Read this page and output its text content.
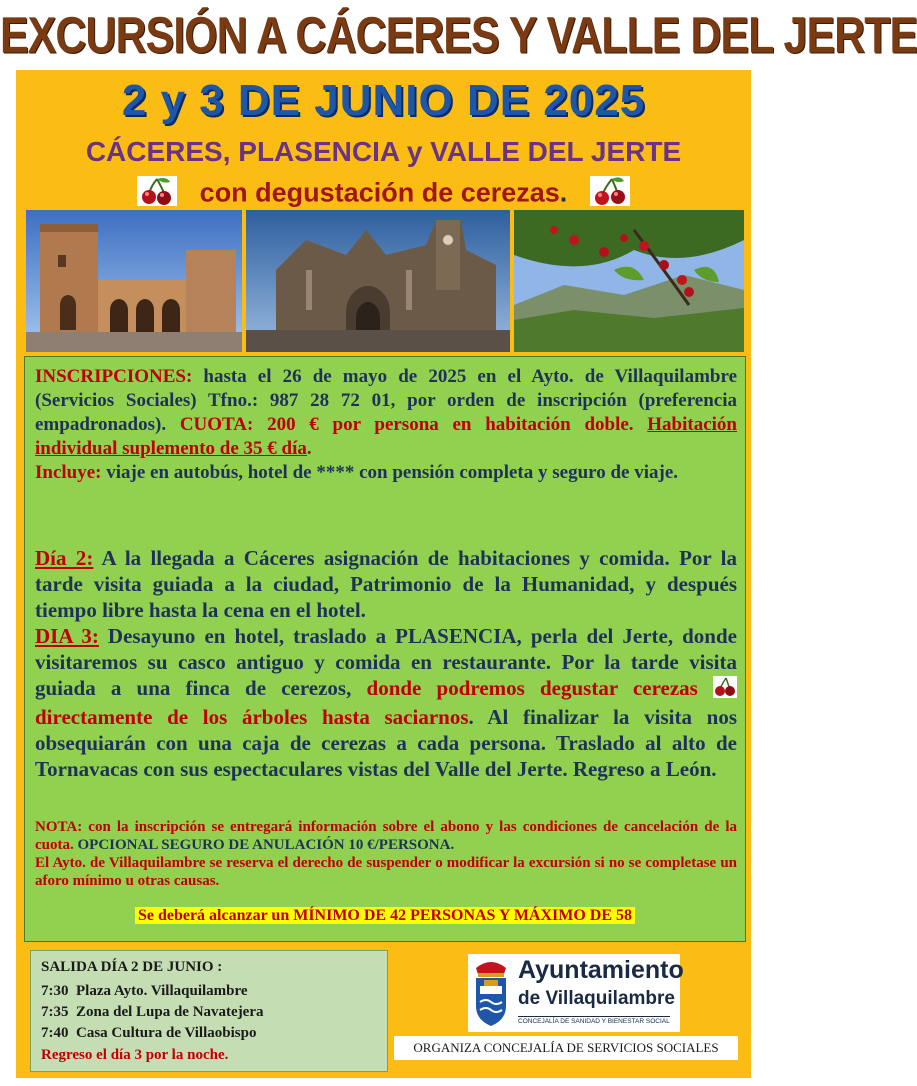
EXCURSIÓN A CÁCERES Y VALLE DEL JERTE
2 y 3 DE JUNIO DE 2025
CÁCERES, PLASENCIA y VALLE DEL JERTE
con degustación de cerezas.

INSCRIPCIONES: hasta el 26 de mayo de 2025 en el Ayto. de Villaquilambre (Servicios Sociales) Tfno.: 987 28 72 01, por orden de inscripción (preferencia empadronados). CUOTA: 200 € por persona en habitación doble. Habitación individual suplemento de 35 € día.
Incluye: viaje en autobús, hotel de **** con pensión completa y seguro de viaje.

Día 2: A la llegada a Cáceres asignación de habitaciones y comida. Por la tarde visita guiada a la ciudad, Patrimonio de la Humanidad, y después tiempo libre hasta la cena en el hotel.
DIA 3: Desayuno en hotel, traslado a PLASENCIA, perla del Jerte, donde visitaremos su casco antiguo y comida en restaurante. Por la tarde visita guiada a una finca de cerezos, donde podremos degustar cerezas  directamente de los árboles hasta saciarnos. Al finalizar la visita nos obsequiarán con una caja de cerezas a cada persona. Traslado al alto de Tornavacas con sus espectaculares vistas del Valle del Jerte. Regreso a León.

NOTA: con la inscripción se entregará información sobre el abono y las condiciones de cancelación de la cuota. OPCIONAL SEGURO DE ANULACIÓN 10 €/PERSONA.
El Ayto. de Villaquilambre se reserva el derecho de suspender o modificar la excursión si no se completase un aforo mínimo u otras causas.

Se deberá alcanzar un MÍNIMO DE 42 PERSONAS Y MÁXIMO DE 58
SALIDA DÍA 2 DE JUNIO :
7:30 Plaza Ayto. Villaquilambre
7:35 Zona del Lupa de Navatejera
7:40 Casa Cultura de Villaobispo
Regreso el día 3 por la noche.
Ayuntamiento
de Villaquilambre
CONCEJALÍA DE SANIDAD Y BIENESTAR SOCIAL
ORGANIZA CONCEJALÍA DE SERVICIOS SOCIALES
